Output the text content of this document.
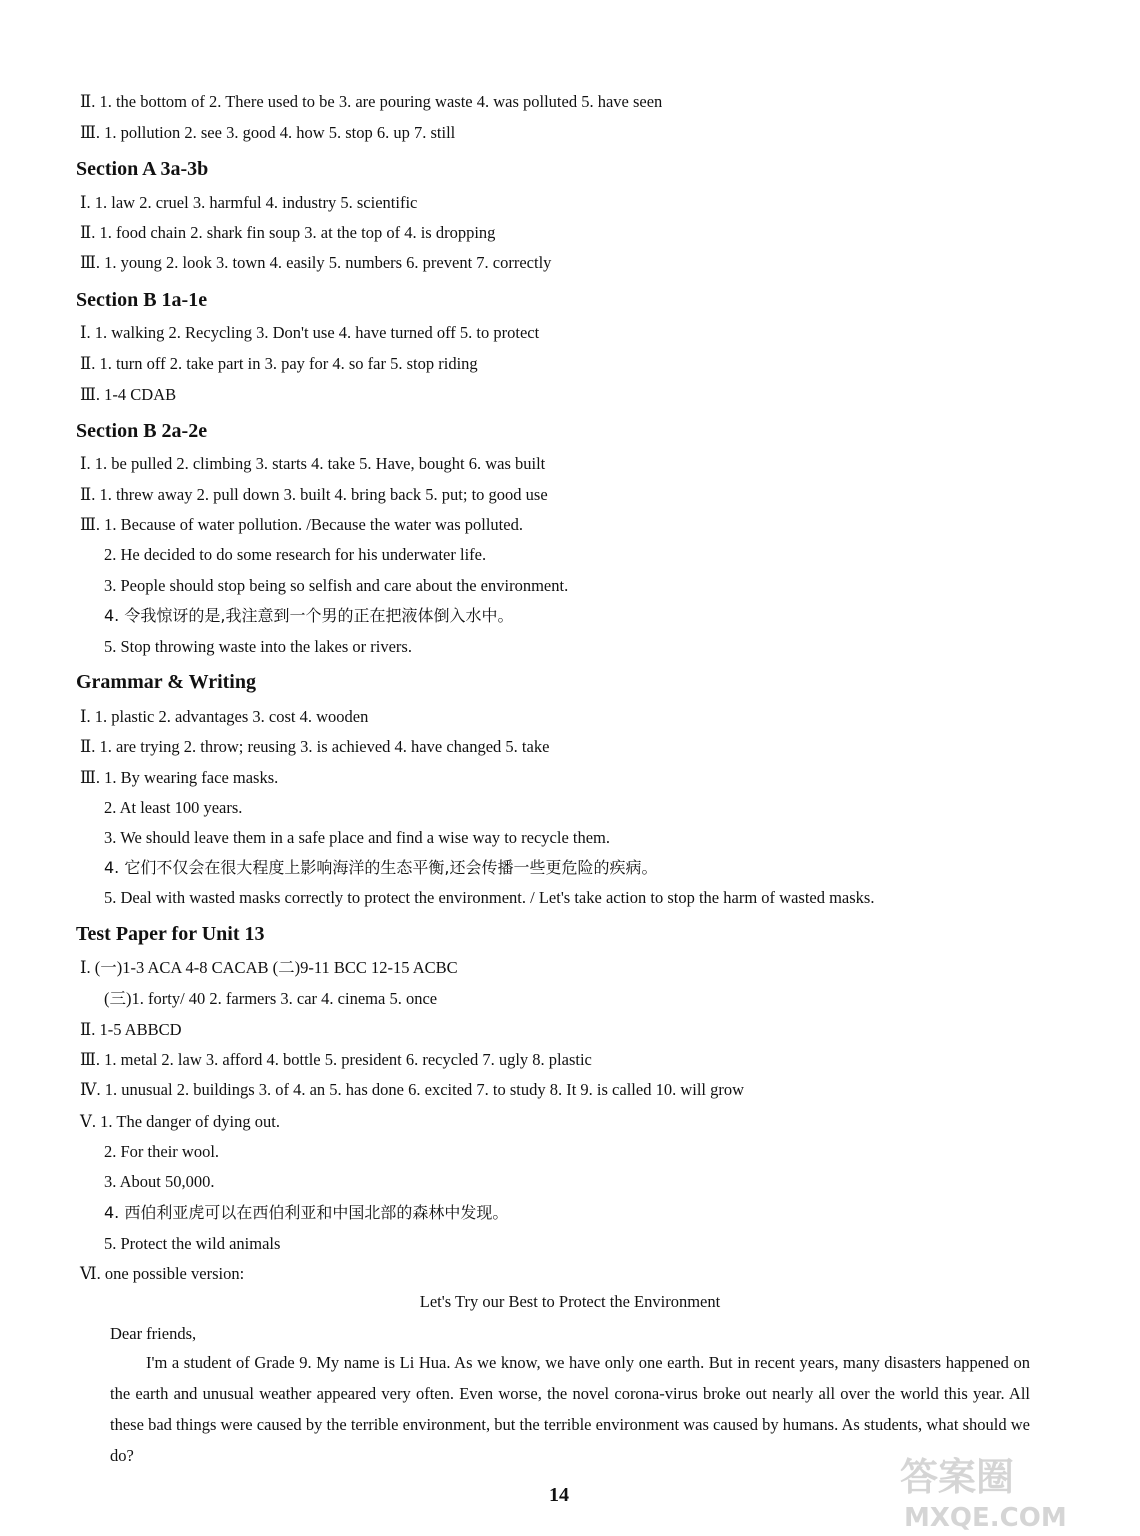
Ⅱ. 1. the bottom of 2. There used to be 3. are pouring waste 4. was polluted 5. have seen
Ⅲ. 1. pollution 2. see 3. good 4. how 5. stop 6. up 7. still
Section A 3a-3b
Ⅰ. 1. law 2. cruel 3. harmful 4. industry 5. scientific
Ⅱ. 1. food chain 2. shark fin soup 3. at the top of 4. is dropping
Ⅲ. 1. young 2. look 3. town 4. easily 5. numbers 6. prevent 7. correctly
Section B 1a-1e
Ⅰ. 1. walking 2. Recycling 3. Don't use 4. have turned off 5. to protect
Ⅱ. 1. turn off 2. take part in 3. pay for 4. so far 5. stop riding
Ⅲ. 1-4 CDAB
Section B 2a-2e
Ⅰ. 1. be pulled 2. climbing 3. starts 4. take 5. Have, bought 6. was built
Ⅱ. 1. threw away 2. pull down 3. built 4. bring back 5. put; to good use
Ⅲ. 1. Because of water pollution. /Because the water was polluted.
2. He decided to do some research for his underwater life.
3. People should stop being so selfish and care about the environment.
4. 令我惊讶的是,我注意到一个男的正在把液体倒入水中。
5. Stop throwing waste into the lakes or rivers.
Grammar & Writing
Ⅰ. 1. plastic 2. advantages 3. cost 4. wooden
Ⅱ. 1. are trying 2. throw; reusing 3. is achieved 4. have changed 5. take
Ⅲ. 1. By wearing face masks.
2. At least 100 years.
3. We should leave them in a safe place and find a wise way to recycle them.
4. 它们不仅会在很大程度上影响海洋的生态平衡,还会传播一些更危险的疾病。
5. Deal with wasted masks correctly to protect the environment. / Let's take action to stop the harm of wasted masks.
Test Paper for Unit 13
Ⅰ. (一)1-3 ACA 4-8 CACAB (二)9-11 BCC 12-15 ACBC
(三)1. forty/ 40 2. farmers 3. car 4. cinema 5. once
Ⅱ. 1-5 ABBCD
Ⅲ. 1. metal 2. law 3. afford 4. bottle 5. president 6. recycled 7. ugly 8. plastic
Ⅳ. 1. unusual 2. buildings 3. of 4. an 5. has done 6. excited 7. to study 8. It 9. is called 10. will grow
Ⅴ. 1. The danger of dying out.
2. For their wool.
3. About 50,000.
4. 西伯利亚虎可以在西伯利亚和中国北部的森林中发现。
5. Protect the wild animals
Ⅵ. one possible version:
Let's Try our Best to Protect the Environment
Dear friends,
I'm a student of Grade 9. My name is Li Hua. As we know, we have only one earth. But in recent years, many disasters happened on the earth and unusual weather appeared very often. Even worse, the novel corona-virus broke out nearly all over the world this year. All these bad things were caused by the terrible environment, but the terrible environment was caused by humans. As students, what should we do?
14	答案圈
MXQE.COM
